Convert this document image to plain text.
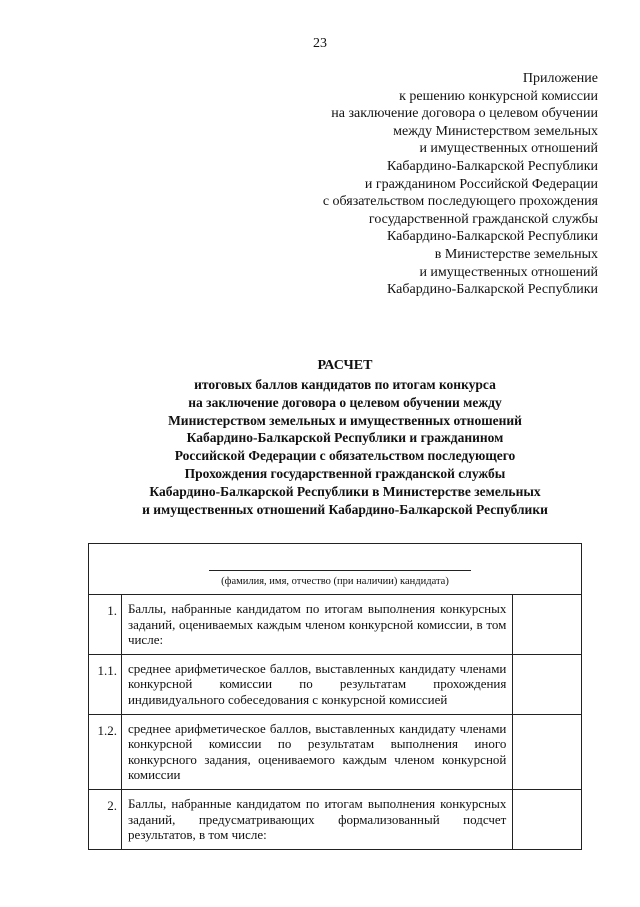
23
Приложение
к решению конкурсной комиссии
на заключение договора о целевом обучении
между Министерством земельных
и имущественных отношений
Кабардино-Балкарской Республики
и гражданином Российской Федерации
с обязательством последующего прохождения
государственной гражданской службы
Кабардино-Балкарской Республики
в Министерстве земельных
и имущественных отношений
Кабардино-Балкарской Республики
РАСЧЕТ
итоговых баллов кандидатов по итогам конкурса
на заключение договора о целевом обучении между
Министерством земельных и имущественных отношений
Кабардино-Балкарской Республики и гражданином
Российской Федерации с обязательством последующего
Прохождения государственной гражданской службы
Кабардино-Балкарской Республики в Министерстве земельных
и имущественных отношений Кабардино-Балкарской Республики
(фамилия, имя, отчество (при наличии) кандидата)		

1.	Баллы, набранные кандидатом по итогам выполнения конкурсных заданий, оцениваемых каждым членом конкурсной комиссии, в том числе:	
1.1.	среднее арифметическое баллов, выставленных кандидату членами конкурсной комиссии по результатам прохождения индивидуального собеседования с конкурсной комиссией	
1.2.	среднее арифметическое баллов, выставленных кандидату членами конкурсной комиссии по результатам выполнения иного конкурсного задания, оцениваемого каждым членом конкурсной комиссии	
2.	Баллы, набранные кандидатом по итогам выполнения конкурсных заданий, предусматривающих формализованный подсчет результатов, в том числе:	
